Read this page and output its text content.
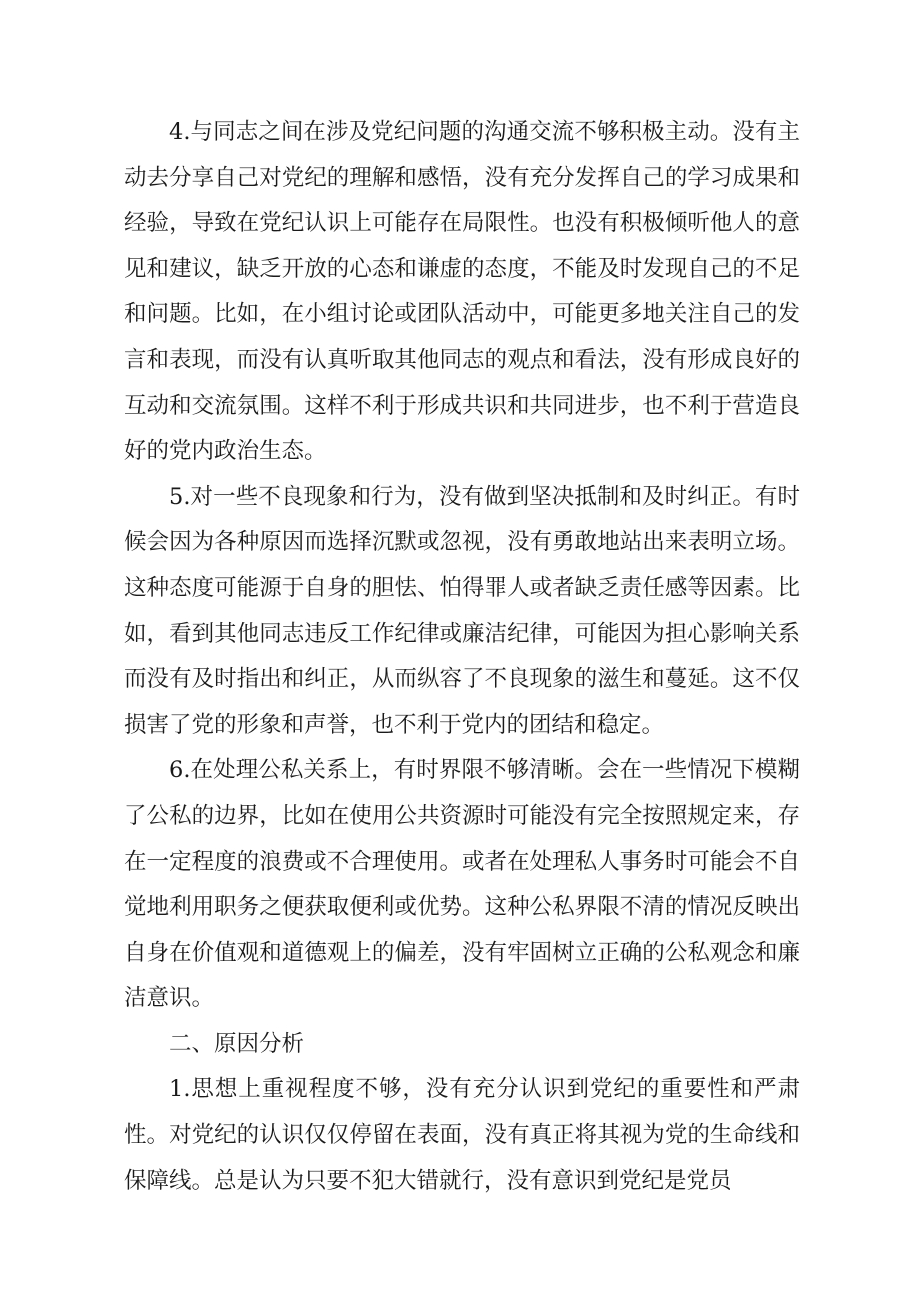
4.与同志之间在涉及党纪问题的沟通交流不够积极主动。没有主动去分享自己对党纪的理解和感悟，没有充分发挥自己的学习成果和经验，导致在党纪认识上可能存在局限性。也没有积极倾听他人的意见和建议，缺乏开放的心态和谦虚的态度，不能及时发现自己的不足和问题。比如，在小组讨论或团队活动中，可能更多地关注自己的发言和表现，而没有认真听取其他同志的观点和看法，没有形成良好的互动和交流氛围。这样不利于形成共识和共同进步，也不利于营造良好的党内政治生态。

5.对一些不良现象和行为，没有做到坚决抵制和及时纠正。有时候会因为各种原因而选择沉默或忽视，没有勇敢地站出来表明立场。这种态度可能源于自身的胆怯、怕得罪人或者缺乏责任感等因素。比如，看到其他同志违反工作纪律或廉洁纪律，可能因为担心影响关系而没有及时指出和纠正，从而纵容了不良现象的滋生和蔓延。这不仅损害了党的形象和声誉，也不利于党内的团结和稳定。

6.在处理公私关系上，有时界限不够清晰。会在一些情况下模糊了公私的边界，比如在使用公共资源时可能没有完全按照规定来，存在一定程度的浪费或不合理使用。或者在处理私人事务时可能会不自觉地利用职务之便获取便利或优势。这种公私界限不清的情况反映出自身在价值观和道德观上的偏差，没有牢固树立正确的公私观念和廉洁意识。

二、原因分析

1.思想上重视程度不够，没有充分认识到党纪的重要性和严肃性。对党纪的认识仅仅停留在表面，没有真正将其视为党的生命线和保障线。总是认为只要不犯大错就行，没有意识到党纪是党员
